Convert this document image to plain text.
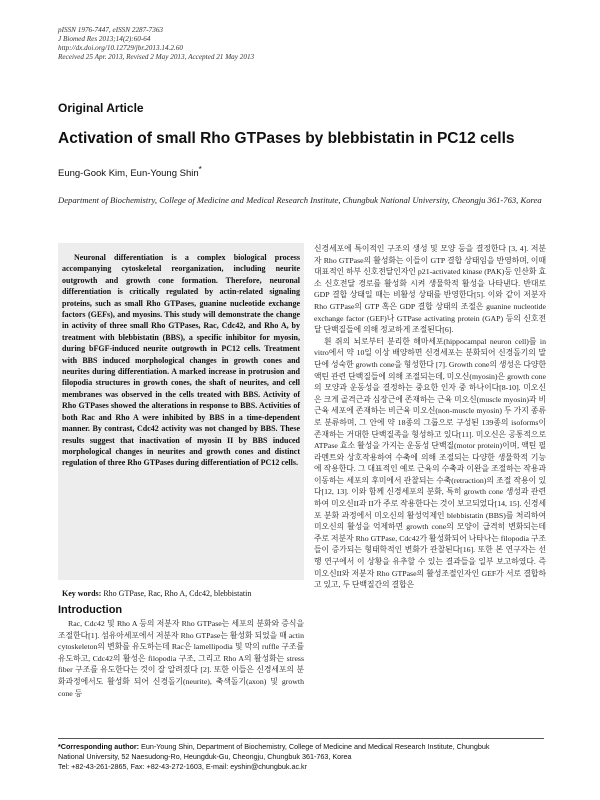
pISSN 1976-7447, eISSN 2287-7363
J Biomed Res 2013;14(2):60-64
http://dx.doi.org/10.12729/jbr.2013.14.2.60
Received 25 Apr. 2013, Revised 2 May 2013, Accepted 21 May 2013
Original Article
Activation of small Rho GTPases by blebbistatin in PC12 cells
Eung-Gook Kim, Eun-Young Shin*
Department of Biochemistry, College of Medicine and Medical Research Institute, Chungbuk National University, Cheongju 361-763, Korea

Neuronal differentiation is a complex biological process accompanying cytoskeletal reorganization, including neurite outgrowth and growth cone formation. Therefore, neuronal differentiation is critically regulated by actin-related signaling proteins, such as small Rho GTPases, guanine nucleotide exchange factors (GEFs), and myosins. This study will demonstrate the change in activity of three small Rho GTPases, Rac, Cdc42, and Rho A, by treatment with blebbistatin (BBS), a specific inhibitor for myosin, during bFGF-induced neurite outgrowth in PC12 cells. Treatment with BBS induced morphological changes in growth cones and neurites during differentiation. A marked increase in protrusion and filopodia structures in growth cones, the shaft of neurites, and cell membranes was observed in the cells treated with BBS. Activity of Rho GTPases showed the alterations in response to BBS. Activities of both Rac and Rho A were inhibited by BBS in a time-dependent manner. By contrast, Cdc42 activity was not changed by BBS. These results suggest that inactivation of myosin II by BBS induced morphological changes in neurites and growth cones and distinct regulation of three Rho GTPases during differentiation of PC12 cells.

Key words: Rho GTPase, Rac, Rho A, Cdc42, blebbistatin
Introduction

Rac, Cdc42 및 Rho A 등의 저분자 Rho GTPase는 세포의 분화와 증식을 조절한다[1]. 섬유아세포에서 저분자 Rho GTPase는 활성화 되었을 때 actin cytoskeleton의 변화를 유도하는데 Rac은 lamellipodia 및 막의 ruffle 구조를 유도하고, Cdc42의 활성은 filopodia 구조, 그리고 Rho A의 활성화는 stress fiber 구조를 유도한다는 것이 잘 알려졌다 [2]. 또한 이들은 신경세포의 분화과정에서도 활성화 되어 신경돌기(neurite), 축색돌기(axon) 및 growth cone 등

신경세포에 특이적인 구조의 생성 및 모양 등을 결정한다 [3, 4]. 저분자 Rho GTPase의 활성화는 이들이 GTP 결합 상태임을 반영하며, 이때 대표적인 하부 신호전달인자인 p21-activated kinase (PAK)등 인산화 효소 신호전달 경로를 활성화 시켜 생물학적 활성을 나타낸다. 반대로 GDP 결합 상태일 때는 비활성 상태를 반영한다[5]. 이와 같이 저분자 Rho GTPase의 GTP 혹은 GDP 결합 상태의 조절은 guanine nucleotide exchange factor (GEF)나 GTPase activating protein (GAP) 등의 신호전달 단백질들에 의해 정교하게 조절된다[6].

흰 쥐의 뇌로부터 분리한 해마세포(hippocampal neuron cell)를 in vitro에서 약 10일 이상 배양하면 신경세포는 분화되어 신경돌기의 말단에 성숙한 growth cone을 형성한다 [7]. Growth cone의 생성은 다양한 액틴 관련 단백질들에 의해 조절되는데, 미오신(myosin)은 growth cone의 모양과 운동성을 결정하는 중요한 인자 중 하나이다[8-10]. 미오신은 크게 골격근과 심장근에 존재하는 근육 미오신(muscle myosin)과 비근육 세포에 존재하는 비근육 미오신(non-muscle myosin) 두 가지 종류로 분류하며, 그 안에 약 18종의 그룹으로 구성된 139종의 isoforms이 존재하는 거대한 단백질족을 형성하고 있다[11]. 미오신은 공통적으로 ATPase 효소 활성을 가지는 운동성 단백질(motor protein)이며, 액틴 필라멘트와 상호작용하여 수축에 의해 조절되는 다양한 생물학적 기능에 작용한다. 그 대표적인 예로 근육의 수축과 이완을 조절하는 작용과 이동하는 세포의 후미에서 관찰되는 수축(retraction)의 조절 작용이 있다[12, 13]. 이와 함께 신경세포의 분화, 특히 growth cone 생성과 관련하여 미오신II과 II가 주로 작용한다는 것이 보고되었다[14, 15]. 신경세포 분화 과정에서 미오신의 활성억제인 blebbistatin (BBS)를 처리하여 미오신의 활성을 억제하면 growth cone의 모양이 급격히 변화되는데 주로 저분자 Rho GTPase, Cdc42가 활성화되어 나타나는 filopodia 구조들이 증가되는 형태학적인 변화가 관찰된다[16]. 또한 본 연구자는 선행 연구에서 이 상황을 유추할 수 있는 결과들을 일부 보고하였다. 즉 미오신II와 저분자 Rho GTPase의 활성조절인자인 GEF가 서로 결합하고 있고, 두 단백질간의 결합은

*Corresponding author: Eun-Young Shin, Department of Biochemistry, College of Medicine and Medical Research Institute, Chungbuk
National University, 52 Naesudong-Ro, Heungduk-Gu, Cheongju, Chungbuk 361-763, Korea
Tel: +82-43-261-2865, Fax: +82-43-272-1603, E-mail: eyshin@chungbuk.ac.kr
